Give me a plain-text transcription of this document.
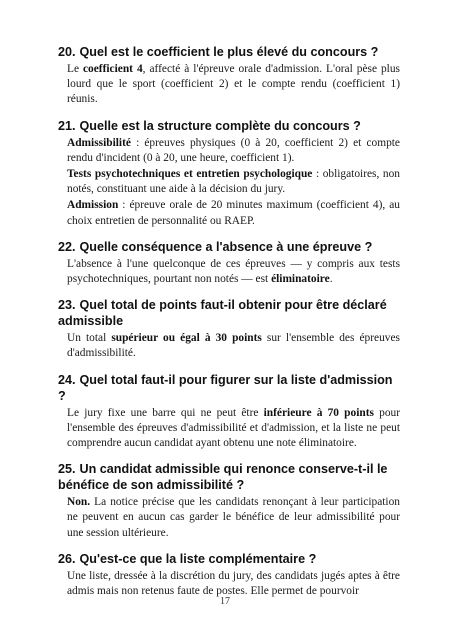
20. Quel est le coefficient le plus élevé du concours ?

Le coefficient 4, affecté à l'épreuve orale d'admission. L'oral pèse plus lourd que le sport (coefficient 2) et le compte rendu (coefficient 1) réunis.

21. Quelle est la structure complète du concours ?

Admissibilité : épreuves physiques (0 à 20, coefficient 2) et compte rendu d'incident (0 à 20, une heure, coefficient 1).

Tests psychotechniques et entretien psychologique : obligatoires, non notés, constituant une aide à la décision du jury.

Admission : épreuve orale de 20 minutes maximum (coefficient 4), au choix entretien de personnalité ou RAEP.

22. Quelle conséquence a l'absence à une épreuve ?

L'absence à l'une quelconque de ces épreuves — y compris aux tests psychotechniques, pourtant non notés — est éliminatoire.

23. Quel total de points faut-il obtenir pour être déclaré admissible

Un total supérieur ou égal à 30 points sur l'ensemble des épreuves d'admissibilité.

24. Quel total faut-il pour figurer sur la liste d'admission ?

Le jury fixe une barre qui ne peut être inférieure à 70 points pour l'ensemble des épreuves d'admissibilité et d'admission, et la liste ne peut comprendre aucun candidat ayant obtenu une note éliminatoire.

25. Un candidat admissible qui renonce conserve-t-il le bénéfice de son admissibilité ?

Non. La notice précise que les candidats renonçant à leur participation ne peuvent en aucun cas garder le bénéfice de leur admissibilité pour une session ultérieure.

26. Qu'est-ce que la liste complémentaire ?

Une liste, dressée à la discrétion du jury, des candidats jugés aptes à être admis mais non retenus faute de postes. Elle permet de pourvoir

17
